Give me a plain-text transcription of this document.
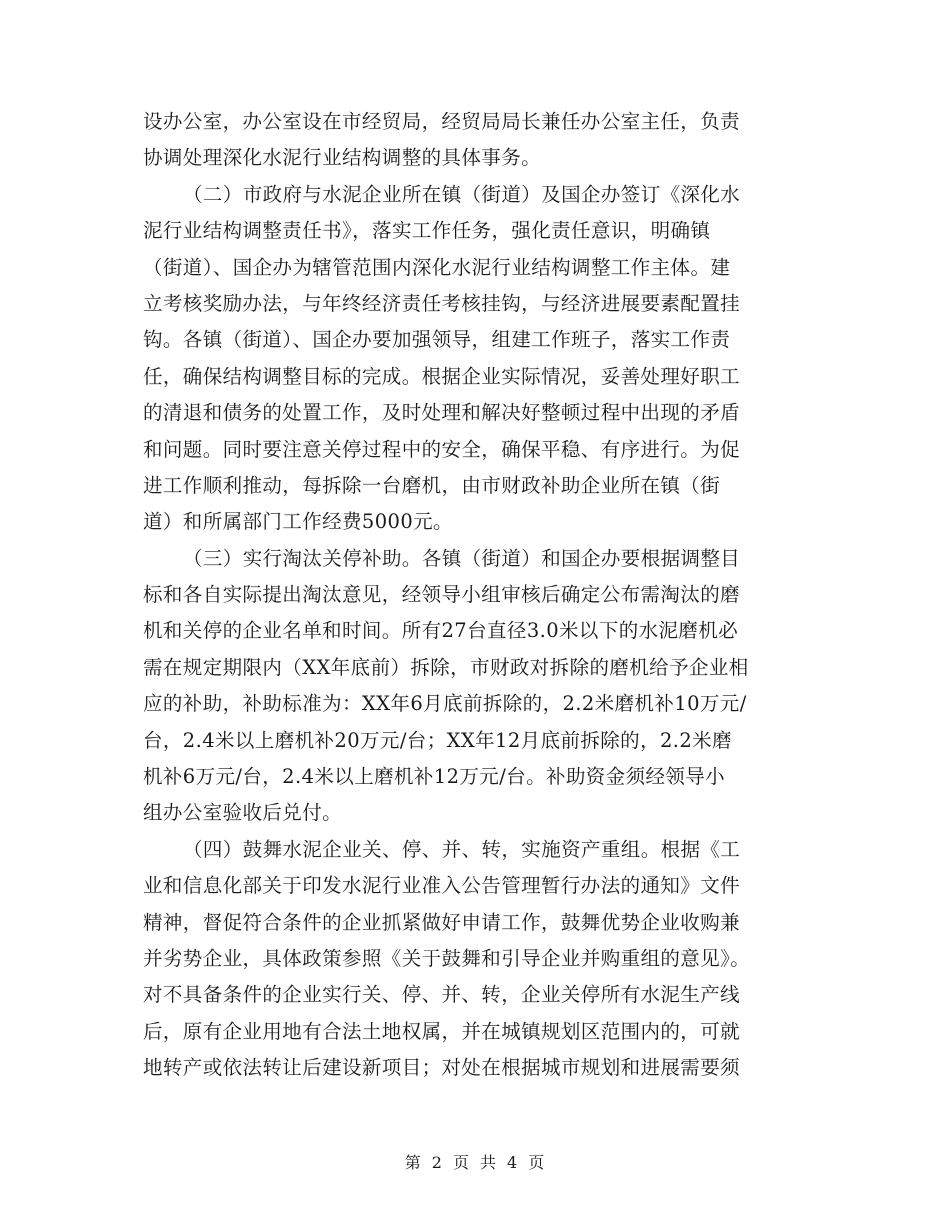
设办公室，办公室设在市经贸局，经贸局局长兼任办公室主任，负责
协调处理深化水泥行业结构调整的具体事务。
（二）市政府与水泥企业所在镇（街道）及国企办签订《深化水
泥行业结构调整责任书》，落实工作任务，强化责任意识，明确镇
（街道）、国企办为辖管范围内深化水泥行业结构调整工作主体。建
立考核奖励办法，与年终经济责任考核挂钩，与经济进展要素配置挂
钩。各镇（街道）、国企办要加强领导，组建工作班子，落实工作责
任，确保结构调整目标的完成。根据企业实际情况，妥善处理好职工
的清退和债务的处置工作，及时处理和解决好整顿过程中出现的矛盾
和问题。同时要注意关停过程中的安全，确保平稳、有序进行。为促
进工作顺利推动，每拆除一台磨机，由市财政补助企业所在镇（街
道）和所属部门工作经费5000元。
（三）实行淘汰关停补助。各镇（街道）和国企办要根据调整目
标和各自实际提出淘汰意见，经领导小组审核后确定公布需淘汰的磨
机和关停的企业名单和时间。所有27台直径3.0米以下的水泥磨机必
需在规定期限内（XX年底前）拆除，市财政对拆除的磨机给予企业相
应的补助，补助标准为：XX年6月底前拆除的，2.2米磨机补10万元/
台，2.4米以上磨机补20万元/台；XX年12月底前拆除的，2.2米磨
机补6万元/台，2.4米以上磨机补12万元/台。补助资金须经领导小
组办公室验收后兑付。
（四）鼓舞水泥企业关、停、并、转，实施资产重组。根据《工
业和信息化部关于印发水泥行业准入公告管理暂行办法的通知》文件
精神，督促符合条件的企业抓紧做好申请工作，鼓舞优势企业收购兼
并劣势企业，具体政策参照《关于鼓舞和引导企业并购重组的意见》。
对不具备条件的企业实行关、停、并、转，企业关停所有水泥生产线
后，原有企业用地有合法土地权属，并在城镇规划区范围内的，可就
地转产或依法转让后建设新项目；对处在根据城市规划和进展需要须
第 2 页 共 4 页
